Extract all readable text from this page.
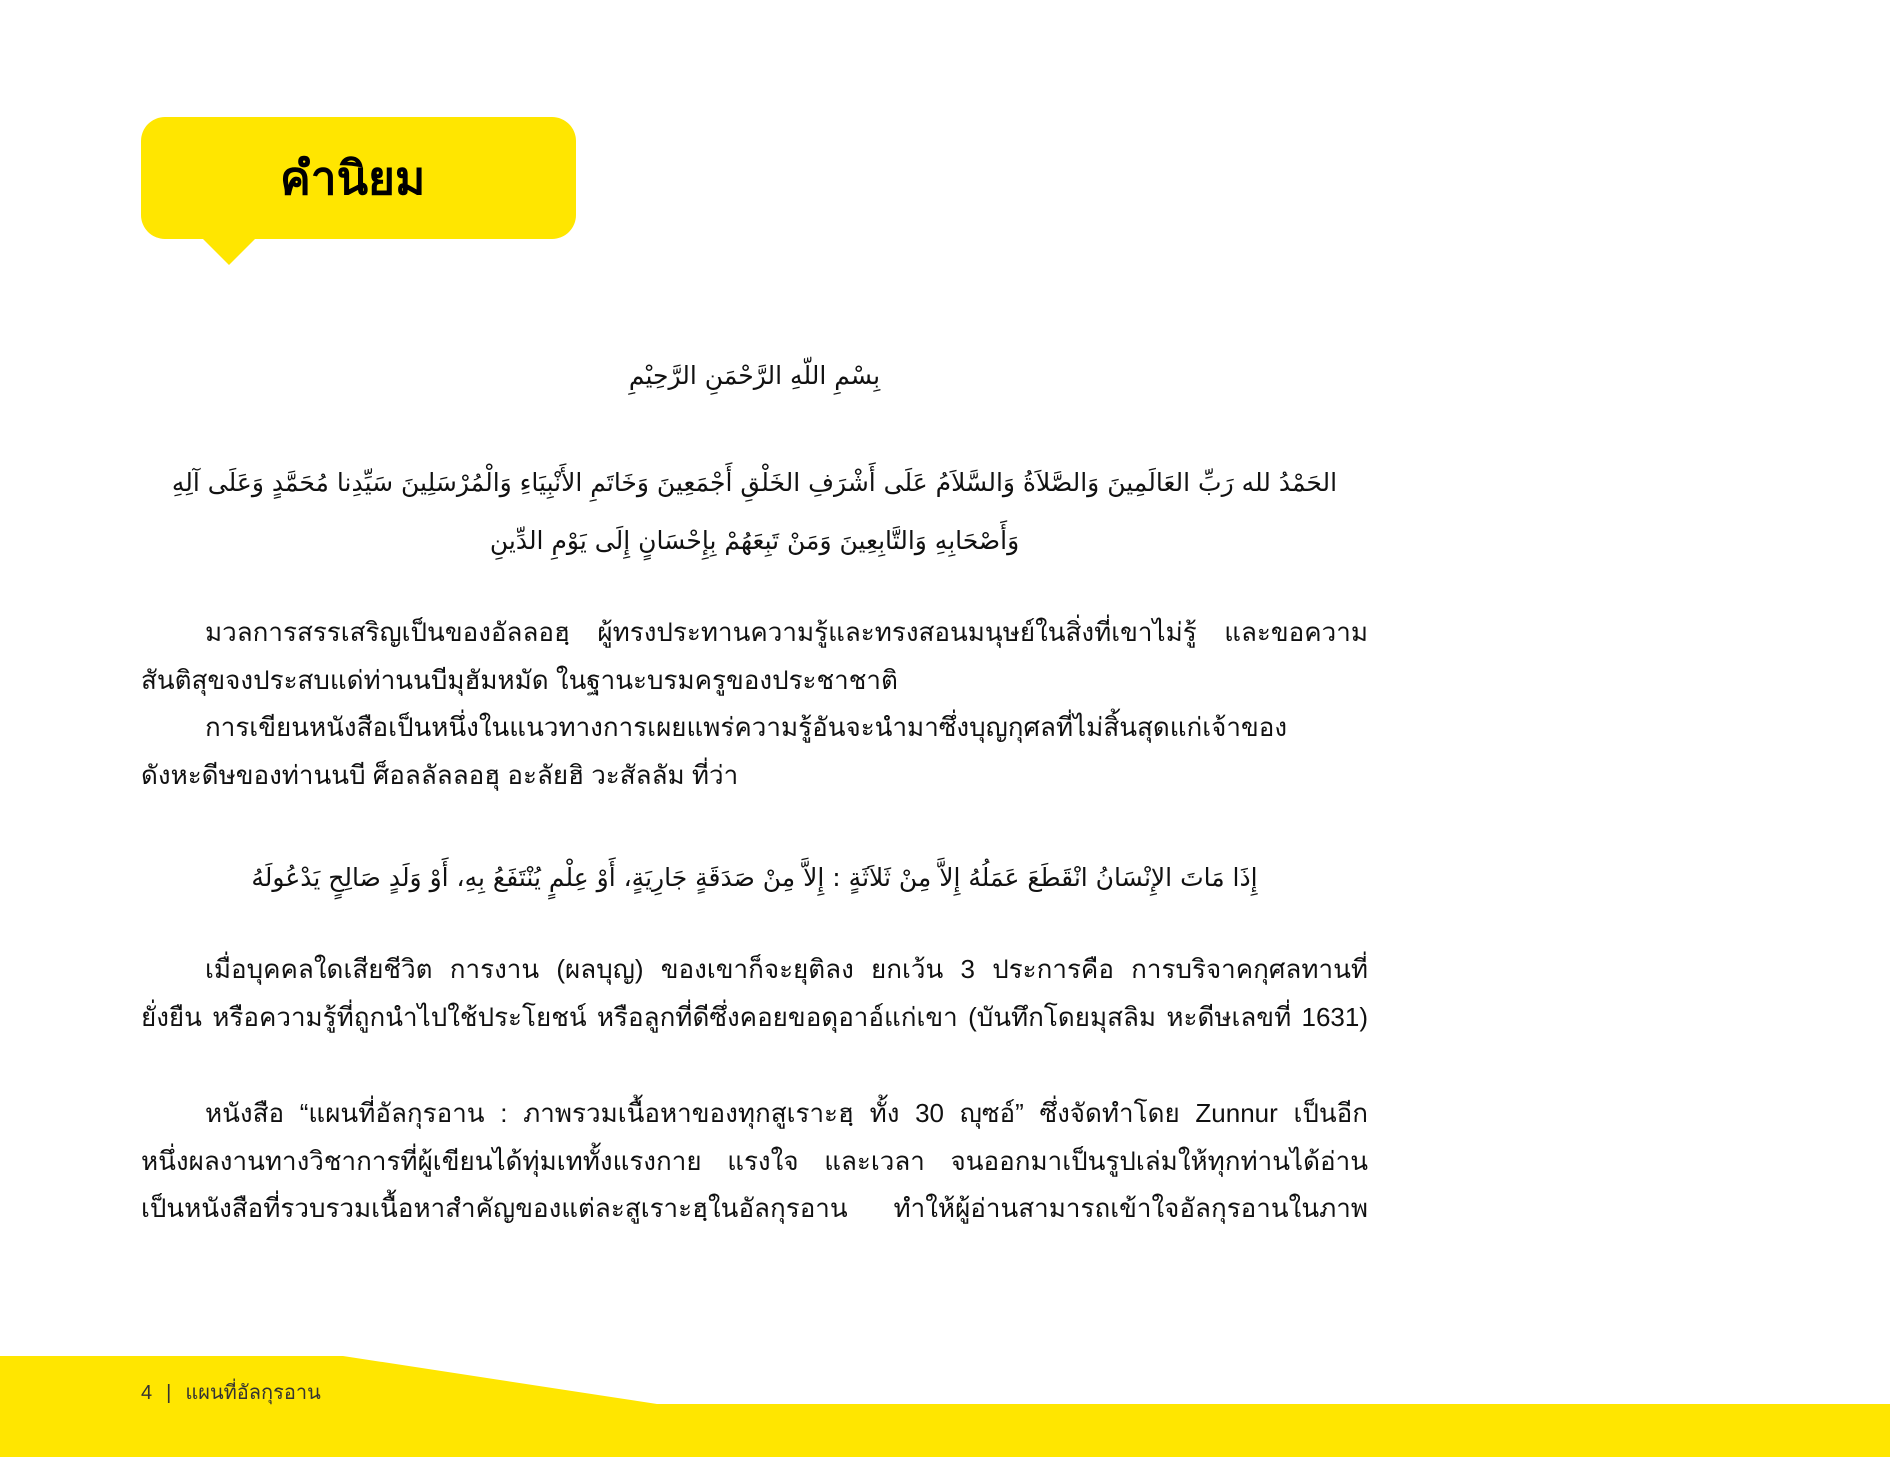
คำนิยม
بِسْمِ اللّهِ الرَّحْمَنِ الرَّحِيْمِ
الحَمْدُ لله رَبِّ العَالَمِينَ وَالصَّلاَةُ وَالسَّلاَمُ عَلَى أَشْرَفِ الخَلْقِ أَجْمَعِينَ وَخَاتَمِ الأَنْبِيَاءِ وَالْمُرْسَلِينَ سَيِّدِنا مُحَمَّدٍ وَعَلَى آلِهِ
وَأَصْحَابِهِ وَالتَّابِعِينَ وَمَنْ تَبِعَهُمْ بِإِحْسَانٍ إِلَى يَوْمِ الدِّينِ

มวลการสรรเสริญเป็นของอัลลอฮฺ ผู้ทรงประทานความรู้และทรงสอนมนุษย์ในสิ่งที่เขาไม่รู้ และขอความ
สันติสุขจงประสบแด่ท่านนบีมุฮัมหมัด ในฐานะบรมครูของประชาชาติ

การเขียนหนังสือเป็นหนึ่งในแนวทางการเผยแพร่ความรู้อันจะนำมาซึ่งบุญกุศลที่ไม่สิ้นสุดแก่เจ้าของ
ดังหะดีษของท่านนบี ศ็อลลัลลอฮุ อะลัยฮิ วะสัลลัม ที่ว่า

إِذَا مَاتَ الإِنْسَانُ انْقَطَعَ عَمَلُهُ إِلاَّ مِنْ ثَلاَثَةٍ : إِلاَّ مِنْ صَدَقَةٍ جَارِيَةٍ، أَوْ عِلْمٍ يُنْتَفَعُ بِهِ، أَوْ وَلَدٍ صَالِحٍ يَدْعُولَهُ

เมื่อบุคคลใดเสียชีวิต การงาน (ผลบุญ) ของเขาก็จะยุติลง ยกเว้น 3 ประการคือ การบริจาคกุศลทานที่
ยั่งยืน หรือความรู้ที่ถูกนำไปใช้ประโยชน์ หรือลูกที่ดีซึ่งคอยขอดุอาอ์แก่เขา (บันทึกโดยมุสลิม หะดีษเลขที่ 1631)

หนังสือ “แผนที่อัลกุรอาน : ภาพรวมเนื้อหาของทุกสูเราะฮฺ ทั้ง 30 ญุซอ์” ซึ่งจัดทำโดย Zunnur เป็นอีก
หนึ่งผลงานทางวิชาการที่ผู้เขียนได้ทุ่มเททั้งแรงกาย แรงใจ และเวลา จนออกมาเป็นรูปเล่มให้ทุกท่านได้อ่าน
เป็นหนังสือที่รวบรวมเนื้อหาสำคัญของแต่ละสูเราะฮฺในอัลกุรอาน ทำให้ผู้อ่านสามารถเข้าใจอัลกุรอานในภาพ

4 | แผนที่อัลกุรอาน
